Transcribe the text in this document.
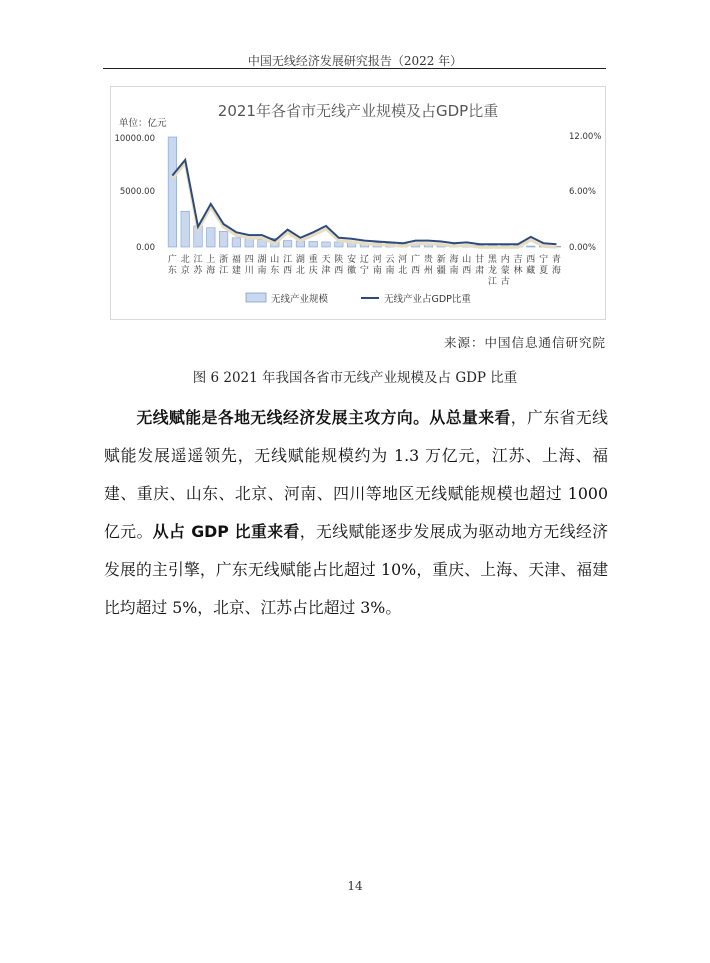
中国无线经济发展研究报告（2022 年）
2021年各省市无线产业规模及占GDP比重
单位：亿元
10000.00
5000.00
0.00
12.00%
6.00%
0.00%
广东
北京
江苏
上海
浙江
福建
四川
湖南
山东
江西
湖北
重庆
天津
陕西
安徽
辽宁
河南
云南
河北
广西
贵州
新疆
海南
山西
甘肃
黑龙江
内蒙古
吉林
西藏
宁夏
青海
无线产业规模	无线产业占GDP比重
来源：中国信息通信研究院
图 6 2021 年我国各省市无线产业规模及占 GDP 比重
无线赋能是各地无线经济发展主攻方向。从总量来看，广东省无线赋能发展遥遥领先，无线赋能规模约为 1.3 万亿元，江苏、上海、福建、重庆、山东、北京、河南、四川等地区无线赋能规模也超过 1000 亿元。从占 GDP 比重来看，无线赋能逐步发展成为驱动地方无线经济发展的主引擎，广东无线赋能占比超过 10%，重庆、上海、天津、福建比均超过 5%，北京、江苏占比超过 3%。
14
